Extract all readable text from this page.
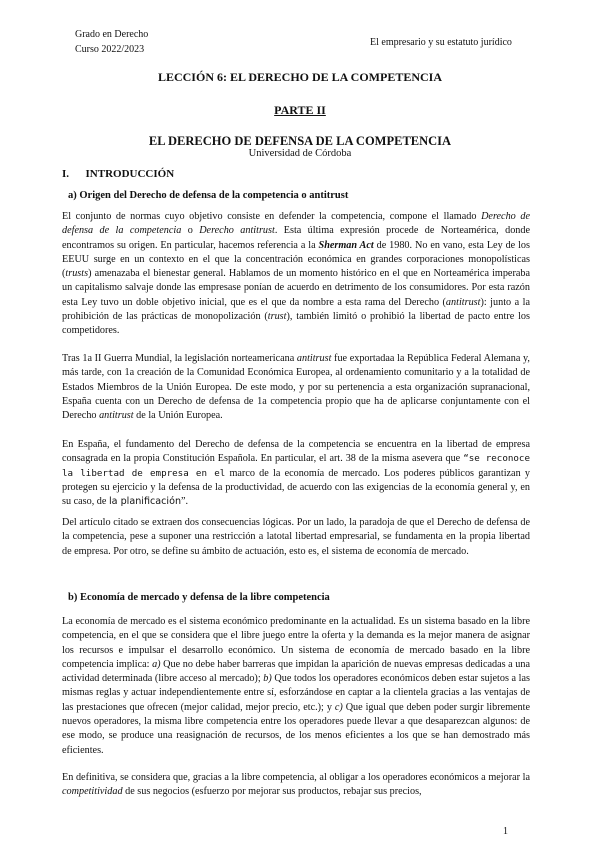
Grado en Derecho
Curso 2022/2023
El empresario y su estatuto jurídico
LECCIÓN 6: EL DERECHO DE LA COMPETENCIA
PARTE II
EL DERECHO DE DEFENSA DE LA COMPETENCIA
Universidad de Córdoba
I. INTRODUCCIÓN
a) Origen del Derecho de defensa de la competencia o antitrust

El conjunto de normas cuyo objetivo consiste en defender la competencia, compone el llamado Derecho de defensa de la competencia o Derecho antitrust. Esta última expresión procede de Norteamérica, donde encontramos su origen. En particular, hacemos referencia a la Sherman Act de 1980. No en vano, esta Ley de los EEUU surge en un contexto en el que la concentración económica en grandes corporaciones monopolísticas (trusts) amenazaba el bienestar general. Hablamos de un momento histórico en el que en Norteamérica imperaba un capitalismo salvaje donde las empresase ponían de acuerdo en detrimento de los consumidores. Por esta razón esta Ley tuvo un doble objetivo inicial, que es el que da nombre a esta rama del Derecho (antitrust): junto a la prohibición de las prácticas de monopolización (trust), también limitó o prohibió la libertad de pacto entre los competidores.

Tras 1a II Guerra Mundial, la legislación norteamericana antitrust fue exportadaa la República Federal Alemana y, más tarde, con 1a creación de la Comunidad Económica Europea, al ordenamiento comunitario y a la totalidad de Estados Miembros de la Unión Europea. De este modo, y por su pertenencia a esta organización supranacional, España cuenta con un Derecho de defensa de 1a competencia propio que ha de aplicarse conjuntamente con el Derecho antitrust de la Unión Europea.

En España, el fundamento del Derecho de defensa de la competencia se encuentra en la libertad de empresa consagrada en la propia Constitución Española. En particular, el art. 38 de la misma asevera que “se reconoce la libertad de empresa en el marco de la economía de mercado. Los poderes públicos garantizan y protegen su ejercicio y la defensa de la productividad, de acuerdo con las exigencias de la economía general y, en su caso, de la planificación”.

Del artículo citado se extraen dos consecuencias lógicas. Por un lado, la paradoja de que el Derecho de defensa de la competencia, pese a suponer una restricción a latotal libertad empresarial, se fundamenta en la propia libertad de empresa. Por otro, se define su ámbito de actuación, esto es, el sistema de economía de mercado.

b) Economía de mercado y defensa de la libre competencia

La economía de mercado es el sistema económico predominante en la actualidad. Es un sistema basado en la libre competencia, en el que se considera que el libre juego entre la oferta y la demanda es la mejor manera de asignar los recursos e impulsar el desarrollo económico. Un sistema de economía de mercado basado en la libre competencia implica: a) Que no debe haber barreras que impidan la aparición de nuevas empresas dedicadas a una actividad determinada (libre acceso al mercado); b) Que todos los operadores económicos deben estar sujetos a las mismas reglas y actuar independientemente entre sí, esforzándose en captar a la clientela gracias a las ventajas de las prestaciones que ofrecen (mejor calidad, mejor precio, etc.); y c) Que igual que deben poder surgir libremente nuevos operadores, la misma libre competencia entre los operadores puede llevar a que desaparezcan algunos: de ese modo, se produce una reasignación de recursos, de los menos eficientes a los que se han demostrado más eficientes.

En definitiva, se considera que, gracias a la libre competencia, al obligar a los operadores económicos a mejorar la competitividad de sus negocios (esfuerzo por mejorar sus productos, rebajar sus precios,

1
